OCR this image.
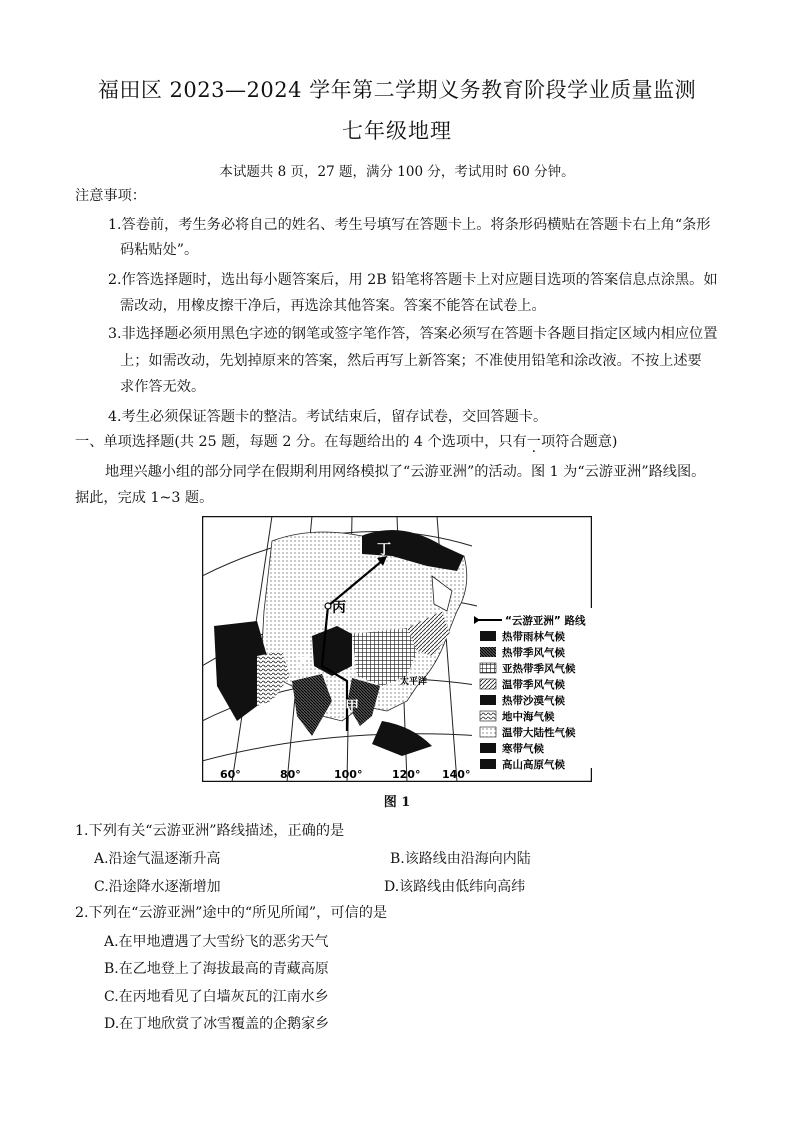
福田区 2023—2024 学年第二学期义务教育阶段学业质量监测
七年级地理
本试题共 8 页，27 题，满分 100 分，考试用时 60 分钟。
注意事项：
1.答卷前，考生务必将自己的姓名、考生号填写在答题卡上。将条形码横贴在答题卡右上角“条形
码粘贴处”。
2.作答选择题时，选出每小题答案后，用 2B 铅笔将答题卡上对应题目选项的答案信息点涂黑。如
需改动，用橡皮擦干净后，再选涂其他答案。答案不能答在试卷上。
3.非选择题必须用黑色字迹的钢笔或签字笔作答，答案必须写在答题卡各题目指定区域内相应位置
上；如需改动，先划掉原来的答案，然后再写上新答案；不准使用铅笔和涂改液。不按上述要
求作答无效。
4.考生必须保证答题卡的整洁。考试结束后，留存试卷，交回答题卡。
一、单项选择题(共 25 题，每题 2 分。在每题给出的 4 个选项中，只有一项符合题意)
地理兴趣小组的部分同学在假期利用网络模拟了“云游亚洲”的活动。图 1 为“云游亚洲”路线图。
据此，完成 1~3 题。
丙
乙
甲
丁
太平洋
60°	80°	100°	120° 140°
“云游亚洲” 路线
热带雨林气候
热带季风气候
亚热带季风气候
温带季风气候
热带沙漠气候
地中海气候
温带大陆性气候
寒带气候
高山高原气候
图 1
1.下列有关“云游亚洲”路线描述，正确的是
A.沿途气温逐渐升高	B.该路线由沿海向内陆
C.沿途降水逐渐增加	D.该路线由低纬向高纬
2.下列在“云游亚洲”途中的“所见所闻”，可信的是
A.在甲地遭遇了大雪纷飞的恶劣天气
B.在乙地登上了海拔最高的青藏高原
C.在丙地看见了白墙灰瓦的江南水乡
D.在丁地欣赏了冰雪覆盖的企鹅家乡
